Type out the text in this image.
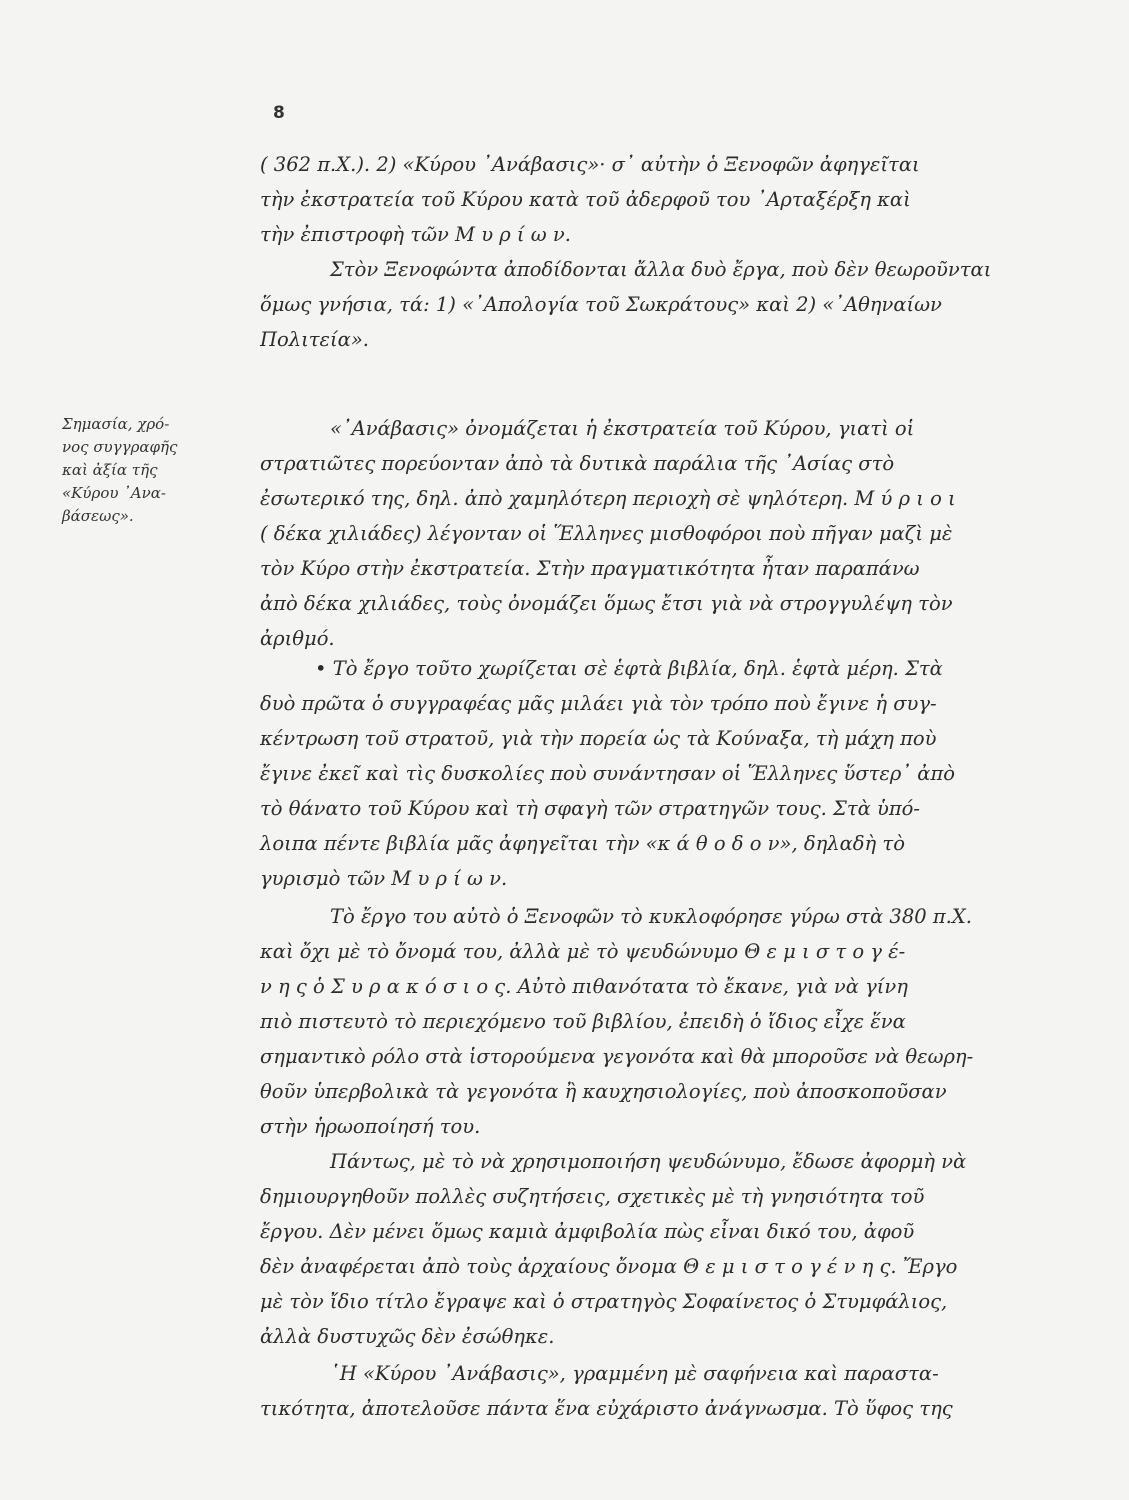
8
Σημασία, χρό-
νος συγγραφῆς
καὶ ἀξία τῆς
«Κύρου ᾿Ανα-
βάσεως».
( 362 π.Χ.). 2) «Κύρου ᾿Ανάβασις»· σ᾿ αὐτὴν ὁ Ξενοφῶν ἀφηγεῖται
τὴν ἐκστρατεία τοῦ Κύρου κατὰ τοῦ ἀδερφοῦ του ᾿Αρταξέρξη καὶ
τὴν ἐπιστροφὴ τῶν Μ υ ρ ί ω ν.
Στὸν Ξενοφώντα ἀποδίδονται ἄλλα δυὸ ἔργα, ποὺ δὲν θεωροῦνται
ὅμως γνήσια, τά: 1) «᾿Απολογία τοῦ Σωκράτους» καὶ 2) «᾿Αθηναίων
Πολιτεία».
«᾿Ανάβασις» ὀνομάζεται ἡ ἐκστρατεία τοῦ Κύρου, γιατὶ οἱ
στρατιῶτες πορεύονταν ἀπὸ τὰ δυτικὰ παράλια τῆς ᾿Ασίας στὸ
ἐσωτερικό της, δηλ. ἀπὸ χαμηλότερη περιοχὴ σὲ ψηλότερη. Μ ύ ρ ι ο ι
( δέκα χιλιάδες) λέγονταν οἱ Ἕλληνες μισθοφόροι ποὺ πῆγαν μαζὶ μὲ
τὸν Κύρο στὴν ἐκστρατεία. Στὴν πραγματικότητα ἦταν παραπάνω
ἀπὸ δέκα χιλιάδες, τοὺς ὀνομάζει ὅμως ἔτσι γιὰ νὰ στρογγυλέψη τὸν
ἀριθμό.
• Τὸ ἔργο τοῦτο χωρίζεται σὲ ἑφτὰ βιβλία, δηλ. ἑφτὰ μέρη. Στὰ
δυὸ πρῶτα ὁ συγγραφέας μᾶς μιλάει γιὰ τὸν τρόπο ποὺ ἔγινε ἡ συγ-
κέντρωση τοῦ στρατοῦ, γιὰ τὴν πορεία ὡς τὰ Κούναξα, τὴ μάχη ποὺ
ἔγινε ἐκεῖ καὶ τὶς δυσκολίες ποὺ συνάντησαν οἱ Ἕλληνες ὕστερ᾿ ἀπὸ
τὸ θάνατο τοῦ Κύρου καὶ τὴ σφαγὴ τῶν στρατηγῶν τους. Στὰ ὑπό-
λοιπα πέντε βιβλία μᾶς ἀφηγεῖται τὴν «κ ά θ ο δ ο ν», δηλαδὴ τὸ
γυρισμὸ τῶν Μ υ ρ ί ω ν.
Τὸ ἔργο του αὐτὸ ὁ Ξενοφῶν τὸ κυκλοφόρησε γύρω στὰ 380 π.Χ.
καὶ ὄχι μὲ τὸ ὄνομά του, ἀλλὰ μὲ τὸ ψευδώνυμο Θ ε μ ι σ τ ο γ έ-
ν η ς ὁ Σ υ ρ α κ ό σ ι ο ς. Αὐτὸ πιθανότατα τὸ ἔκανε, γιὰ νὰ γίνη
πιὸ πιστευτὸ τὸ περιεχόμενο τοῦ βιβλίου, ἐπειδὴ ὁ ἴδιος εἶχε ἕνα
σημαντικὸ ρόλο στὰ ἱστορούμενα γεγονότα καὶ θὰ μποροῦσε νὰ θεωρη-
θοῦν ὑπερβολικὰ τὰ γεγονότα ἢ καυχησιολογίες, ποὺ ἀποσκοποῦσαν
στὴν ἡρωοποίησή του.
Πάντως, μὲ τὸ νὰ χρησιμοποιήση ψευδώνυμο, ἔδωσε ἀφορμὴ νὰ
δημιουργηθοῦν πολλὲς συζητήσεις, σχετικὲς μὲ τὴ γνησιότητα τοῦ
ἔργου. Δὲν μένει ὅμως καμιὰ ἀμφιβολία πὼς εἶναι δικό του, ἀφοῦ
δὲν ἀναφέρεται ἀπὸ τοὺς ἀρχαίους ὄνομα Θ ε μ ι σ τ ο γ έ ν η ς. Ἔργο
μὲ τὸν ἴδιο τίτλο ἔγραψε καὶ ὁ στρατηγὸς Σοφαίνετος ὁ Στυμφάλιος,
ἀλλὰ δυστυχῶς δὲν ἐσώθηκε.
῾Η «Κύρου ᾿Ανάβασις», γραμμένη μὲ σαφήνεια καὶ παραστα-
τικότητα, ἀποτελοῦσε πάντα ἕνα εὐχάριστο ἀνάγνωσμα. Τὸ ὕφος της
